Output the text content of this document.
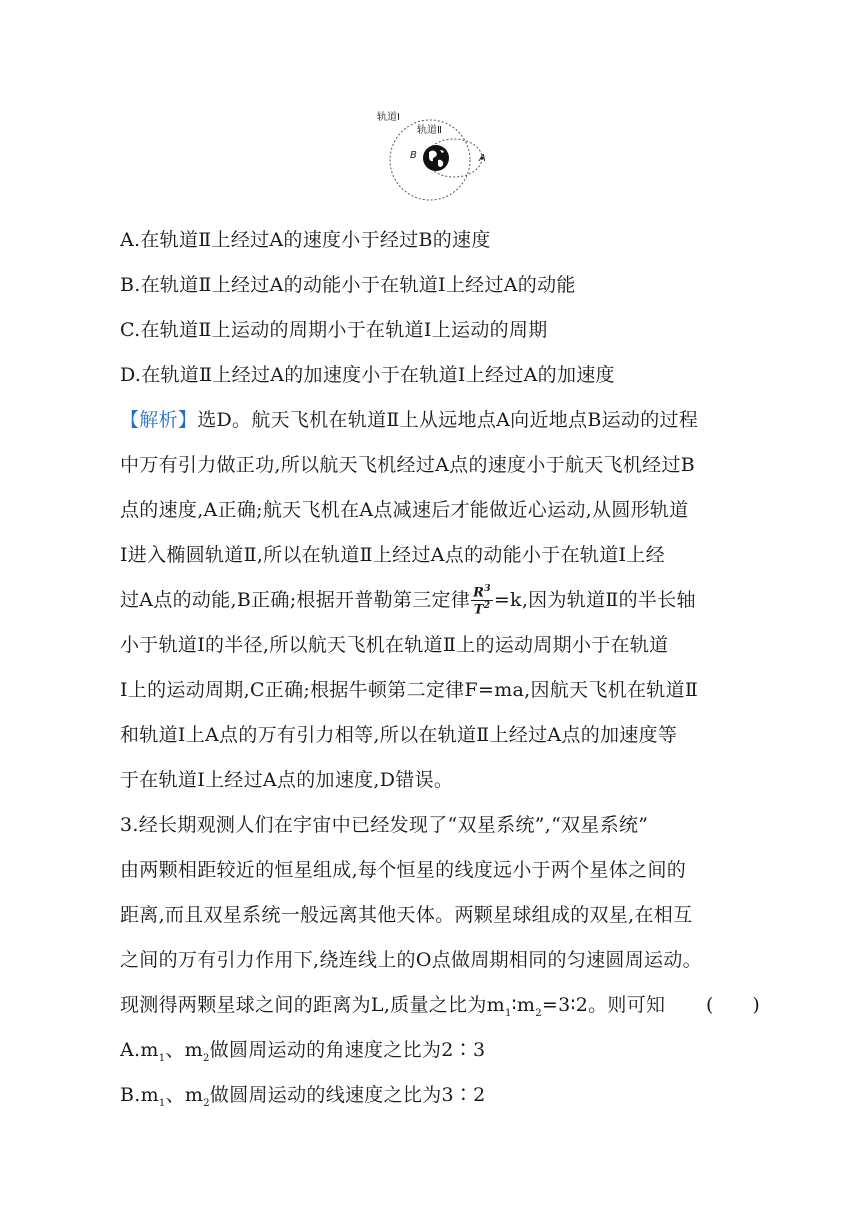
轨道Ⅰ
轨道Ⅱ
A
B
A.在轨道Ⅱ上经过A的速度小于经过B的速度
B.在轨道Ⅱ上经过A的动能小于在轨道Ⅰ上经过A的动能
C.在轨道Ⅱ上运动的周期小于在轨道Ⅰ上运动的周期
D.在轨道Ⅱ上经过A的加速度小于在轨道Ⅰ上经过A的加速度
【解析】选D。航天飞机在轨道Ⅱ上从远地点A向近地点B运动的过程
中万有引力做正功,所以航天飞机经过A点的速度小于航天飞机经过B
点的速度,A正确;航天飞机在A点减速后才能做近心运动,从圆形轨道
Ⅰ进入椭圆轨道Ⅱ,所以在轨道Ⅱ上经过A点的动能小于在轨道Ⅰ上经
过A点的动能,B正确;根据开普勒第三定律 $\frac{R^3}{T^2} =k$,因为轨道Ⅱ的半长轴
小于轨道Ⅰ的半径,所以航天飞机在轨道Ⅱ上的运动周期小于在轨道
Ⅰ上的运动周期,C正确;根据牛顿第二定律F=ma,因航天飞机在轨道Ⅱ
和轨道Ⅰ上A点的万有引力相等,所以在轨道Ⅱ上经过A点的加速度等
于在轨道Ⅰ上经过A点的加速度,D错误。
3.经长期观测人们在宇宙中已经发现了“双星系统”,“双星系统”
由两颗相距较近的恒星组成,每个恒星的线度远小于两个星体之间的
距离,而且双星系统一般远离其他天体。两颗星球组成的双星,在相互
之间的万有引力作用下,绕连线上的O点做周期相同的匀速圆周运动。
现测得两颗星球之间的距离为L,质量之比为$m_1∶m_2=3∶2$。则可知 (　　)
$A.m_1$、$m_2$做圆周运动的角速度之比为2∶3
$B.m_1$、$m_2$做圆周运动的线速度之比为3∶2
